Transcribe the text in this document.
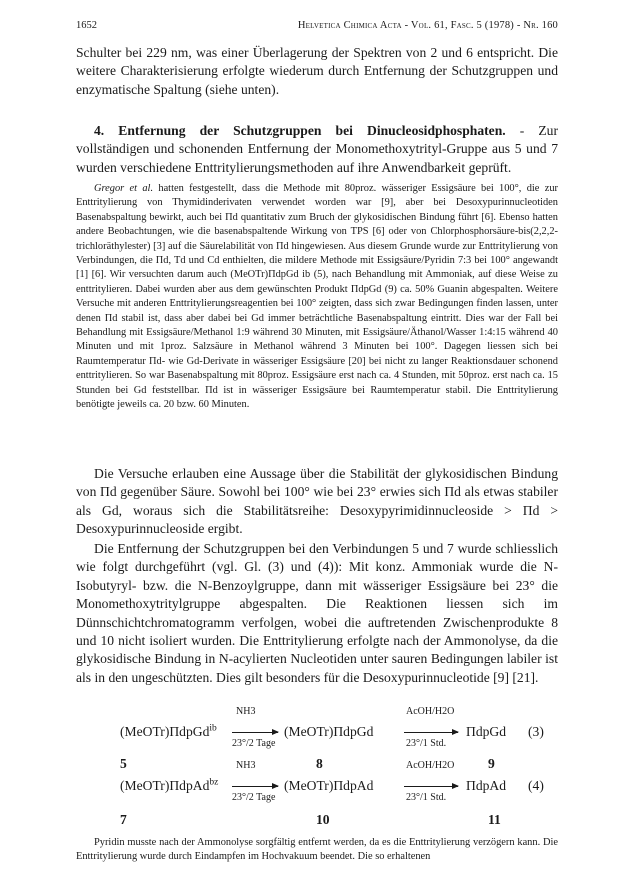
1652	Helvetica Chimica Acta - Vol. 61, Fasc. 5 (1978) - Nr. 160

Schulter bei 229 nm, was einer Überlagerung der Spektren von 2 und 6 entspricht. Die weitere Charakterisierung erfolgte wiederum durch Entfernung der Schutzgruppen und enzymatische Spaltung (siehe unten).

4. Entfernung der Schutzgruppen bei Dinucleosidphosphaten. - Zur vollständigen und schonenden Entfernung der Monomethoxytrityl-Gruppe aus 5 und 7 wurden verschiedene Enttritylierungsmethoden auf ihre Anwendbarkeit geprüft.

Gregor et al. hatten festgestellt, dass die Methode mit 80proz. wässeriger Essigsäure bei 100°, die zur Enttritylierung von Thymidinderivaten verwendet worden war [9], aber bei Desoxypurinnucleotiden Basenabspaltung bewirkt, auch bei Πd quantitativ zum Bruch der glykosidischen Bindung führt [6]. Ebenso hatten andere Beobachtungen, wie die basenabspaltende Wirkung von TPS [6] oder von Chlorphosphorsäure-bis(2,2,2-trichloräthylester) [3] auf die Säurelabilität von Πd hingewiesen. Aus diesem Grunde wurde zur Enttritylierung von Verbindungen, die Πd, Td und Cd enthielten, die mildere Methode mit Essigsäure/Pyridin 7:3 bei 100° angewandt [1] [6]. Wir versuchten darum auch (MeOTr)ΠdpGd ib (5), nach Behandlung mit Ammoniak, auf diese Weise zu enttritylieren. Dabei wurden aber aus dem gewünschten Produkt ΠdpGd (9) ca. 50% Guanin abgespalten. Weitere Versuche mit anderen Enttritylierungsreagentien bei 100° zeigten, dass sich zwar Bedingungen finden lassen, unter denen Πd stabil ist, dass aber dabei bei Gd immer beträchtliche Basenabspaltung eintritt. Dies war der Fall bei Behandlung mit Essigsäure/Methanol 1:9 während 30 Minuten, mit Essigsäure/Äthanol/Wasser 1:4:15 während 40 Minuten und mit 1proz. Salzsäure in Methanol während 3 Minuten bei 100°. Dagegen liessen sich bei Raumtemperatur Πd- wie Gd-Derivate in wässeriger Essigsäure [20] bei nicht zu langer Reaktionsdauer schonend enttritylieren. So war Basenabspaltung mit 80proz. Essigsäure erst nach ca. 4 Stunden, mit 50proz. erst nach ca. 15 Stunden bei Gd feststellbar. Πd ist in wässeriger Essigsäure bei Raumtemperatur stabil. Die Enttritylierung benötigte jeweils ca. 20 bzw. 60 Minuten.

Die Versuche erlauben eine Aussage über die Stabilität der glykosidischen Bindung von Πd gegenüber Säure. Sowohl bei 100° wie bei 23° erwies sich Πd als etwas stabiler als Gd, woraus sich die Stabilitätsreihe: Desoxypyrimidinnucleoside > Πd > Desoxypurinnucleoside ergibt.

Die Entfernung der Schutzgruppen bei den Verbindungen 5 und 7 wurde schliesslich wie folgt durchgeführt (vgl. Gl. (3) und (4)): Mit konz. Ammoniak wurde die N-Isobutyryl- bzw. die N-Benzoylgruppe, dann mit wässeriger Essigsäure bei 23° die Monomethoxytritylgruppe abgespalten. Die Reaktionen liessen sich im Dünnschichtchromatogramm verfolgen, wobei die auftretenden Zwischenprodukte 8 und 10 nicht isoliert wurden. Die Enttritylierung erfolgte nach der Ammonolyse, da die glykosidische Bindung in N-acylierten Nucleotiden unter sauren Bedingungen labiler ist als in den ungeschützten. Dies gilt besonders für die Desoxypurinnucleotide [9] [21].

(MeOTr)ΠdpGd$^{ib}$
NH3
23°/2 Tage
(MeOTr)ΠdpGd
AcOH/H2O
23°/1 Std.
ΠdpGd (3)
5	8	9
(MeOTr)ΠdpAd$^{bz}$
NH3
23°/2 Tage
(MeOTr)ΠdpAd
AcOH/H2O
23°/1 Std.
ΠdpAd (4)
7	10	11

Pyridin musste nach der Ammonolyse sorgfältig entfernt werden, da es die Enttritylierung verzögern kann. Die Enttritylierung wurde durch Eindampfen im Hochvakuum beendet. Die so erhaltenen
